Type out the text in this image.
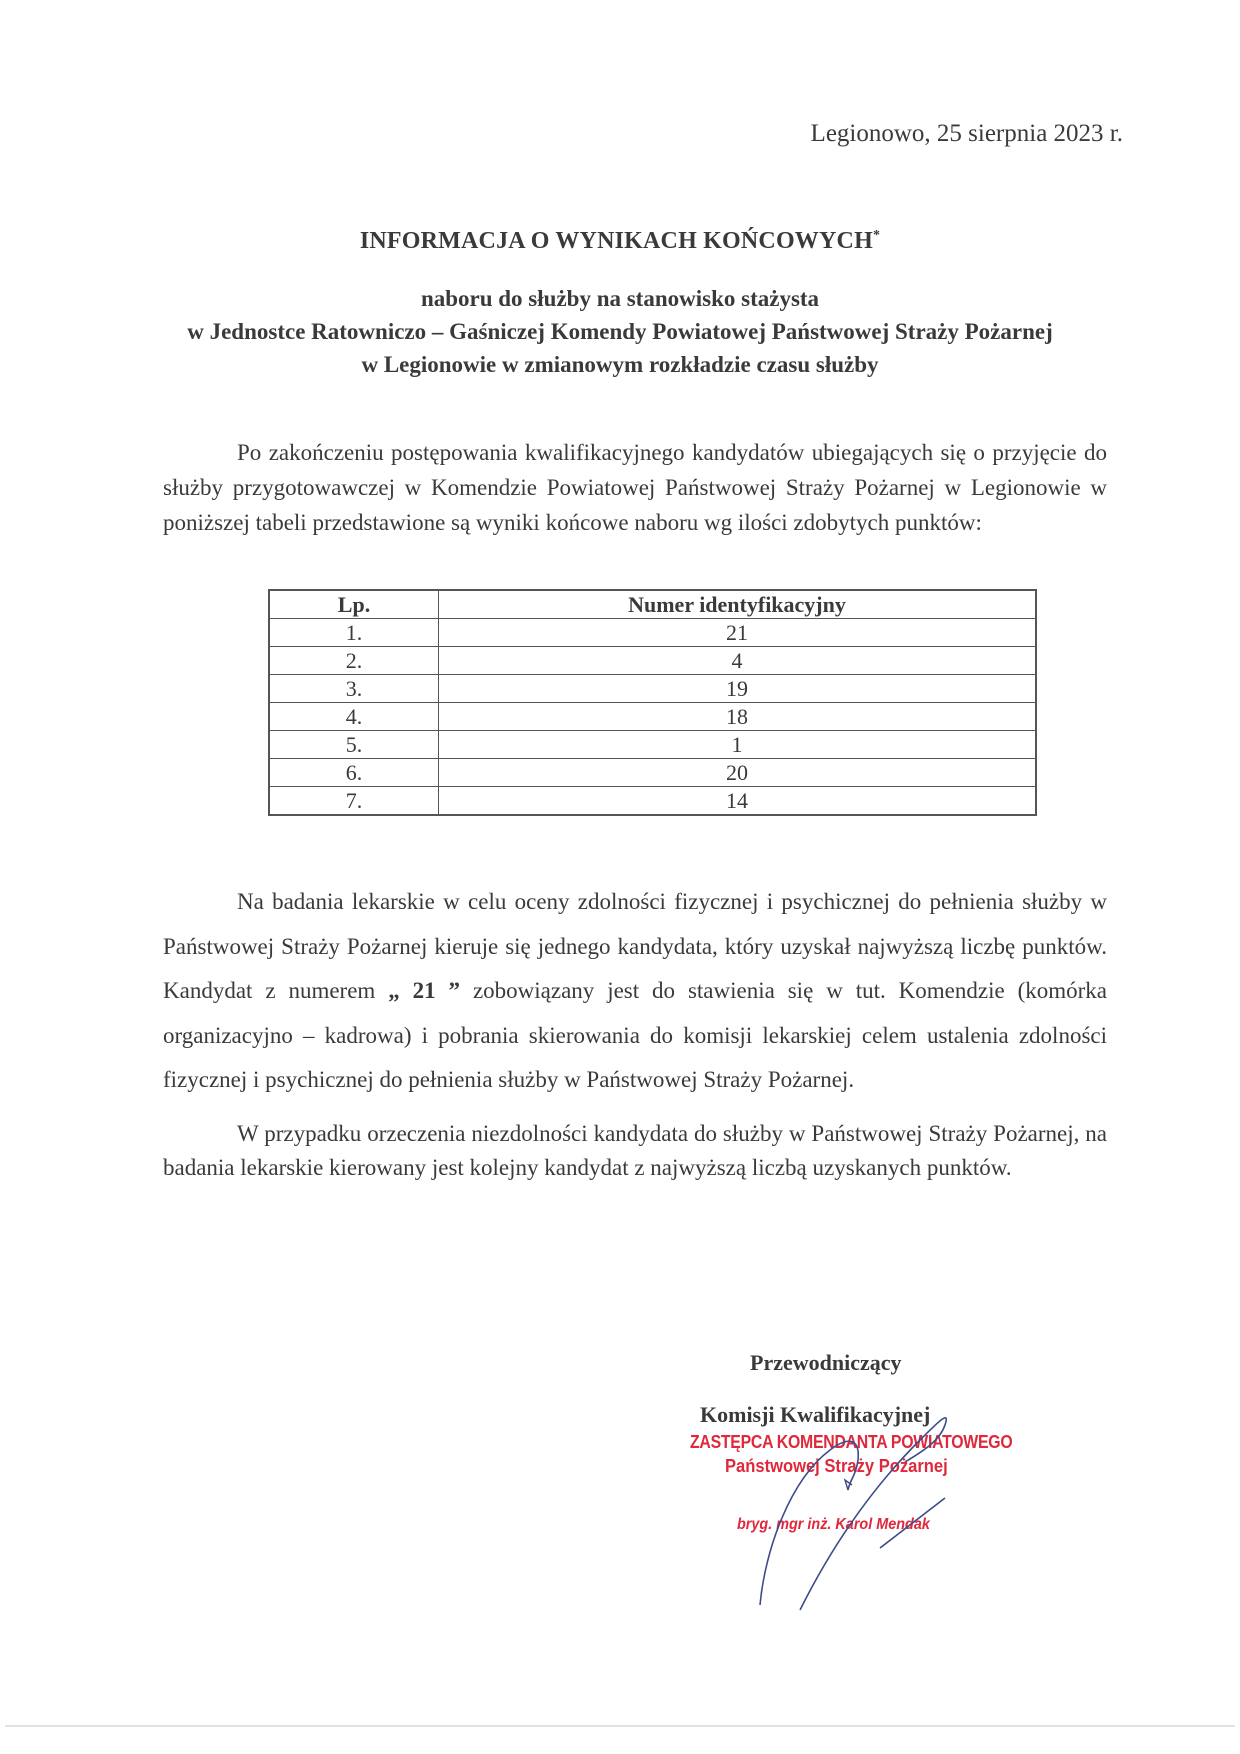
Legionowo, 25 sierpnia 2023 r.
INFORMACJA O WYNIKACH KOŃCOWYCH*
naboru do służby na stanowisko stażysta
w Jednostce Ratowniczo – Gaśniczej Komendy Powiatowej Państwowej Straży Pożarnej
w Legionowie w zmianowym rozkładzie czasu służby
Po zakończeniu postępowania kwalifikacyjnego kandydatów ubiegających się o przyjęcie do służby przygotowawczej w Komendzie Powiatowej Państwowej Straży Pożarnej w Legionowie w poniższej tabeli przedstawione są wyniki końcowe naboru wg ilości zdobytych punktów:
Lp.	Numer identyfikacyjny
1.	21
2.	4
3.	19
4.	18
5.	1
6.	20
7.	14
Na badania lekarskie w celu oceny zdolności fizycznej i psychicznej do pełnienia służby w Państwowej Straży Pożarnej kieruje się jednego kandydata, który uzyskał najwyższą liczbę punktów. Kandydat z numerem „ 21 ” zobowiązany jest do stawienia się w tut. Komendzie (komórka organizacyjno – kadrowa) i pobrania skierowania do komisji lekarskiej celem ustalenia zdolności fizycznej i psychicznej do pełnienia służby w Państwowej Straży Pożarnej.
W przypadku orzeczenia niezdolności kandydata do służby w Państwowej Straży Pożarnej, na badania lekarskie kierowany jest kolejny kandydat z najwyższą liczbą uzyskanych punktów.
Przewodniczący
Komisji Kwalifikacyjnej
ZASTĘPCA KOMENDANTA POWIATOWEGO
Państwowej Straży Pożarnej
bryg. mgr inż. Karol Mendak
